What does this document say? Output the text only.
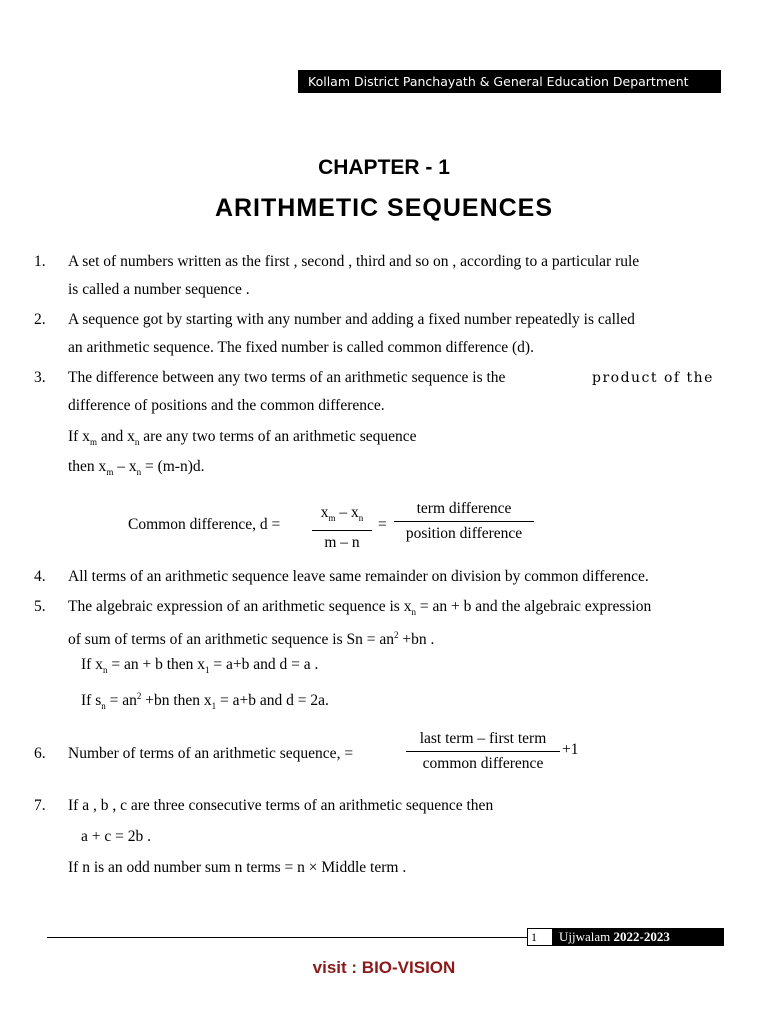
Kollam District Panchayath & General Education Department
CHAPTER - 1
ARITHMETIC SEQUENCES
1. A set of numbers written as the first , second , third and so on , according to a particular rule
is called a number sequence .
2. A sequence got by starting with any number and adding a fixed number repeatedly is called
an arithmetic sequence. The fixed number is called common difference (d).
3. The difference between any two terms of an arithmetic sequence is the	product of the
difference of positions and the common difference.
If $x_m$ and $x_n$ are any two terms of an arithmetic sequence
then $x_m - x_n = (m-n)d$.
Common difference, d =
$x_m - x_n$
m – n
=
term difference
position difference
4. All terms of an arithmetic sequence leave same remainder on division by common difference.
5. The algebraic expression of an arithmetic sequence is $x_n$ = an + b and the algebraic expression
of sum of terms of an arithmetic sequence is $Sn = an^2 +bn$ .
If $x_n$ = an + b then $x_1 = a+b$ and d = a .
If $s_n = an^2 +bn$ then $x_1 = a+b$ and d = 2a.
6. Number of terms of an arithmetic sequence, =
last term – first term
common difference
+1
7. If a , b , c are three consecutive terms of an arithmetic sequence then
a + c = 2b .
If n is an odd number sum n terms = n × Middle term .
1	Ujjwalam 2022-2023
visit : BIO-VISION
